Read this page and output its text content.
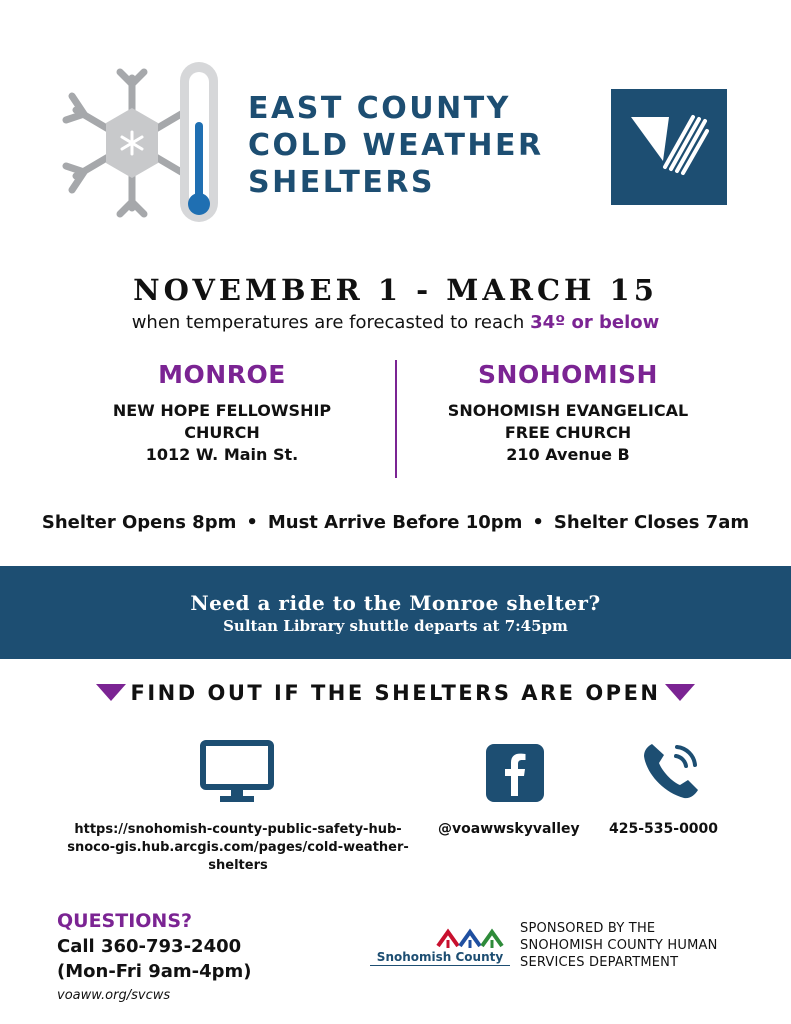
EAST COUNTY
COLD WEATHER
SHELTERS
NOVEMBER 1 - MARCH 15
when temperatures are forecasted to reach 34º or below
MONROE
NEW HOPE FELLOWSHIP
CHURCH
1012 W. Main St.
SNOHOMISH
SNOHOMISH EVANGELICAL
FREE CHURCH
210 Avenue B
Shelter Opens 8pm • Must Arrive Before 10pm • Shelter Closes 7am
Need a ride to the Monroe shelter?
Sultan Library shuttle departs at 7:45pm
FIND OUT IF THE SHELTERS ARE OPEN
https://snohomish-county-public-safety-hub-
snoco-gis.hub.arcgis.com/pages/cold-weather-
shelters
@voawwskyvalley 425-535-0000
QUESTIONS?
Call 360-793-2400
(Mon-Fri 9am-4pm)
voaww.org/svcws
Snohomish County
SPONSORED BY THE
SNOHOMISH COUNTY HUMAN
SERVICES DEPARTMENT
